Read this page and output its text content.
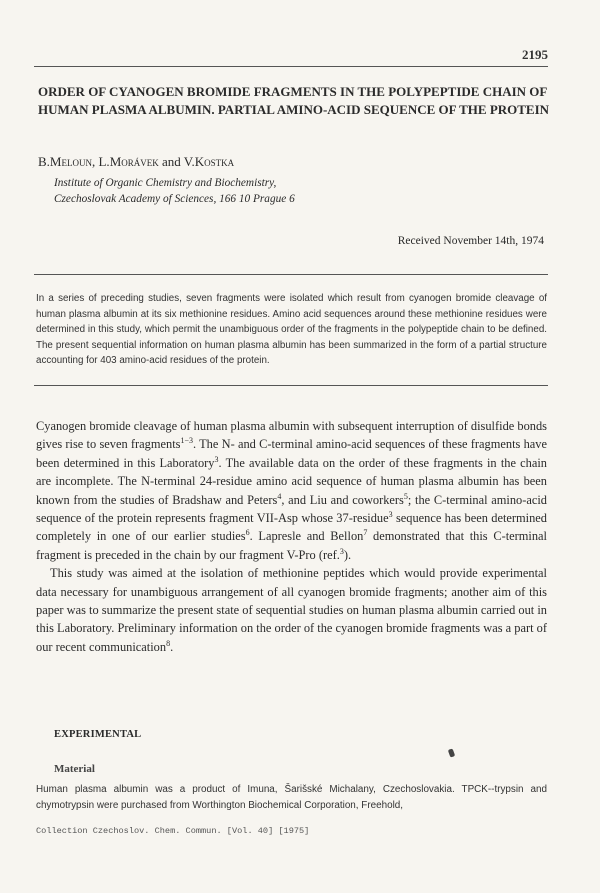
2195
ORDER OF CYANOGEN BROMIDE FRAGMENTS IN THE POLYPEPTIDE CHAIN OF HUMAN PLASMA ALBUMIN. PARTIAL AMINO-ACID SEQUENCE OF THE PROTEIN

B.Meloun, L.Morávek and V.Kostka

Institute of Organic Chemistry and Biochemistry,
Czechoslovak Academy of Sciences, 166 10 Prague 6

Received November 14th, 1974

In a series of preceding studies, seven fragments were isolated which result from cyanogen bromide cleavage of human plasma albumin at its six methionine residues. Amino acid sequences around these methionine residues were determined in this study, which permit the unambiguous order of the fragments in the polypeptide chain to be defined. The present sequential information on human plasma albumin has been summarized in the form of a partial structure accounting for 403 amino-acid residues of the protein.

Cyanogen bromide cleavage of human plasma albumin with subsequent interruption of disulfide bonds gives rise to seven fragments$^{1-3}$. The N- and C-terminal amino-acid sequences of these fragments have been determined in this Laboratory$^3$. The available data on the order of these fragments in the chain are incomplete. The N-terminal 24-residue amino acid sequence of human plasma albumin has been known from the studies of Bradshaw and Peters$^4$, and Liu and coworkers$^5$; the C-terminal amino-acid sequence of the protein represents fragment VII-Asp whose 37-residue$^3$ sequence has been determined completely in one of our earlier studies$^6$. Lapresle and Bellon$^7$ demonstrated that this C-terminal fragment is preceded in the chain by our fragment V-Pro (ref.$^3$).

This study was aimed at the isolation of methionine peptides which would provide experimental data necessary for unambiguous arrangement of all cyanogen bromide fragments; another aim of this paper was to summarize the present state of sequential studies on human plasma albumin carried out in this Laboratory. Preliminary information on the order of the cyanogen bromide fragments was a part of our recent communication$^8$.

EXPERIMENTAL
Material

Human plasma albumin was a product of Imuna, Šarišské Michalany, Czechoslovakia. TPCK--trypsin and chymotrypsin were purchased from Worthington Biochemical Corporation, Freehold,

Collection Czechoslov. Chem. Commun. [Vol. 40] [1975]
